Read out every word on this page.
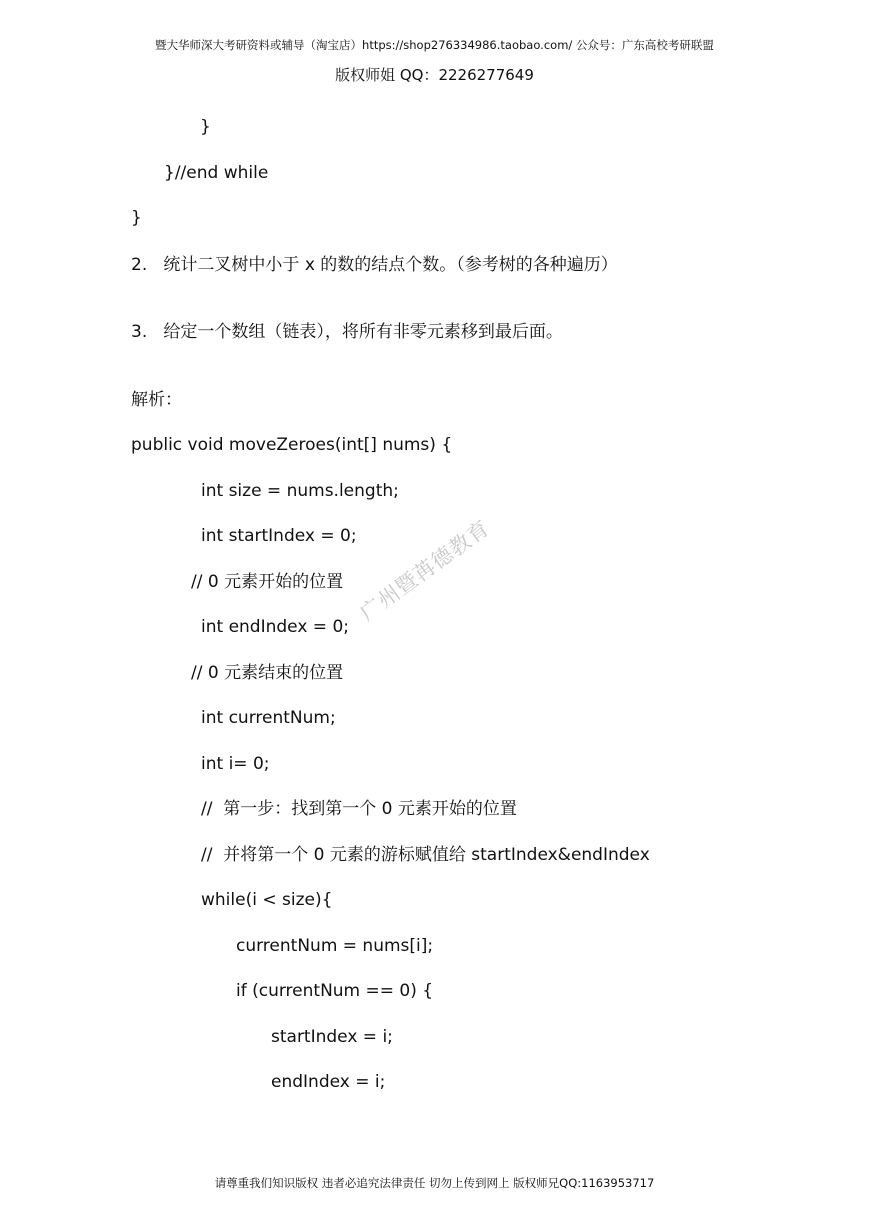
暨大华师深大考研资料或辅导（淘宝店）https://shop276334986.taobao.com/ 公众号：广东高校考研联盟
版权师姐 QQ：2226277649
广州暨苒德教育
}
}//end while
}
2.   统计二叉树中小于 x 的数的结点个数。（参考树的各种遍历）
3.   给定一个数组（链表），将所有非零元素移到最后面。
解析：
public void moveZeroes(int[] nums) {
int size = nums.length;
int startIndex = 0;
// 0 元素开始的位置
int endIndex = 0;
// 0 元素结束的位置
int currentNum;
int i= 0;
//  第一步：找到第一个 0 元素开始的位置
//  并将第一个 0 元素的游标赋值给 startIndex&endIndex
while(i < size){
currentNum = nums[i];
if (currentNum == 0) {
startIndex = i;
endIndex = i;
请尊重我们知识版权 违者必追究法律责任 切勿上传到网上 版权师兄QQ:1163953717
